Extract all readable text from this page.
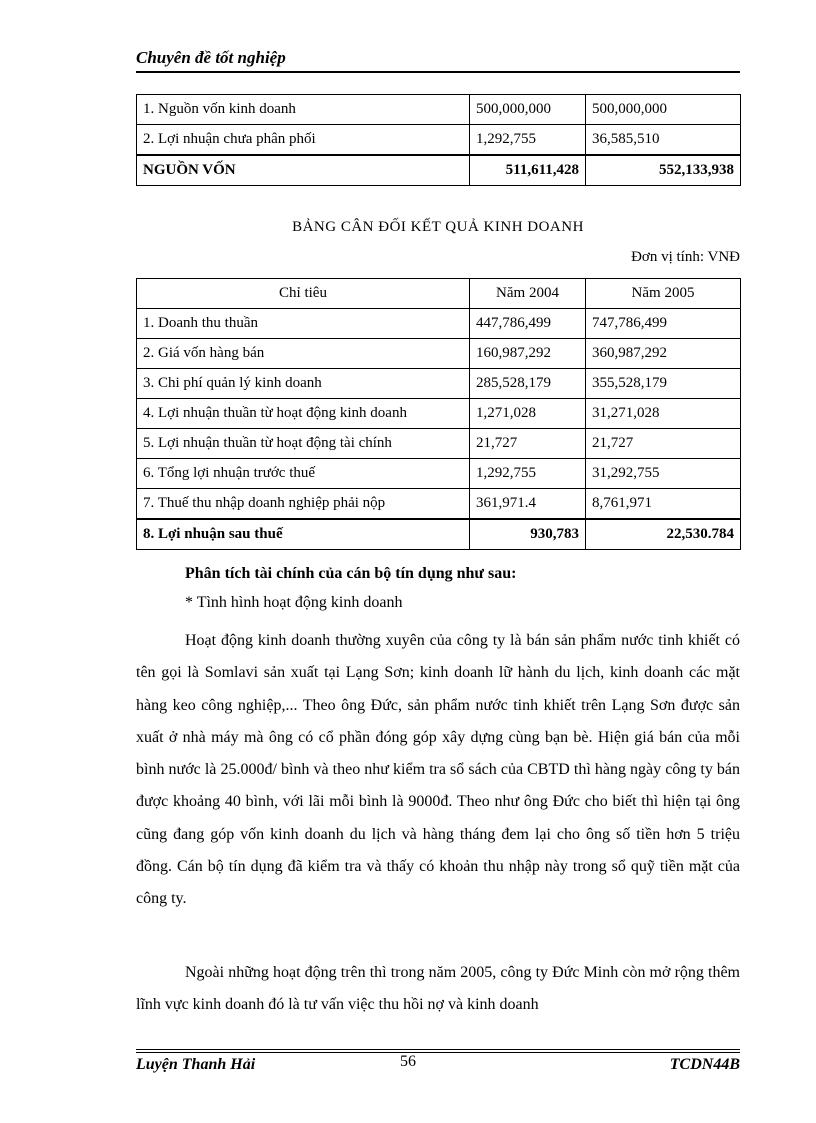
Chuyên đề tốt nghiệp
1. Nguồn vốn kinh doanh	500,000,000	500,000,000
2. Lợi nhuận chưa phân phối	1,292,755	36,585,510
NGUỒN VỐN	511,611,428	552,133,938
BẢNG CÂN ĐỐI KẾT QUẢ KINH DOANH
Đơn vị tính: VNĐ
Chỉ tiêu	Năm 2004	Năm 2005
1. Doanh thu thuần	447,786,499	747,786,499
2. Giá vốn hàng bán	160,987,292	360,987,292
3. Chi phí quản lý kinh doanh	285,528,179	355,528,179
4. Lợi nhuận thuần từ hoạt động kinh doanh	1,271,028	31,271,028
5. Lợi nhuận thuần từ hoạt động tài chính	21,727	21,727
6. Tổng lợi nhuận trước thuế	1,292,755	31,292,755
7. Thuế thu nhập doanh nghiệp phải nộp	361,971.4	8,761,971
8. Lợi nhuận sau thuế	930,783	22,530.784
Phân tích tài chính của cán bộ tín dụng như sau:
* Tình hình hoạt động kinh doanh

Hoạt động kinh doanh thường xuyên của công ty là bán sản phẩm nước tinh khiết có tên gọi là Somlavi sản xuất tại Lạng Sơn; kinh doanh lữ hành du lịch, kinh doanh các mặt hàng keo công nghiệp,... Theo ông Đức, sản phẩm nước tinh khiết trên Lạng Sơn được sản xuất ở nhà máy mà ông có cổ phần đóng góp xây dựng cùng bạn bè. Hiện giá bán của mỗi bình nước là 25.000đ/ bình và theo như kiểm tra sổ sách của CBTD thì hàng ngày công ty bán được khoảng 40 bình, với lãi mỗi bình là 9000đ. Theo như ông Đức cho biết thì hiện tại ông cũng đang góp vốn kinh doanh du lịch và hàng tháng đem lại cho ông số tiền hơn 5 triệu đồng. Cán bộ tín dụng đã kiểm tra và thấy có khoản thu nhập này trong sổ quỹ tiền mặt của công ty.

Ngoài những hoạt động trên thì trong năm 2005, công ty Đức Minh còn mở rộng thêm lĩnh vực kinh doanh đó là tư vấn việc thu hồi nợ và kinh doanh

Luyện Thanh Hải	56	TCDN44B
